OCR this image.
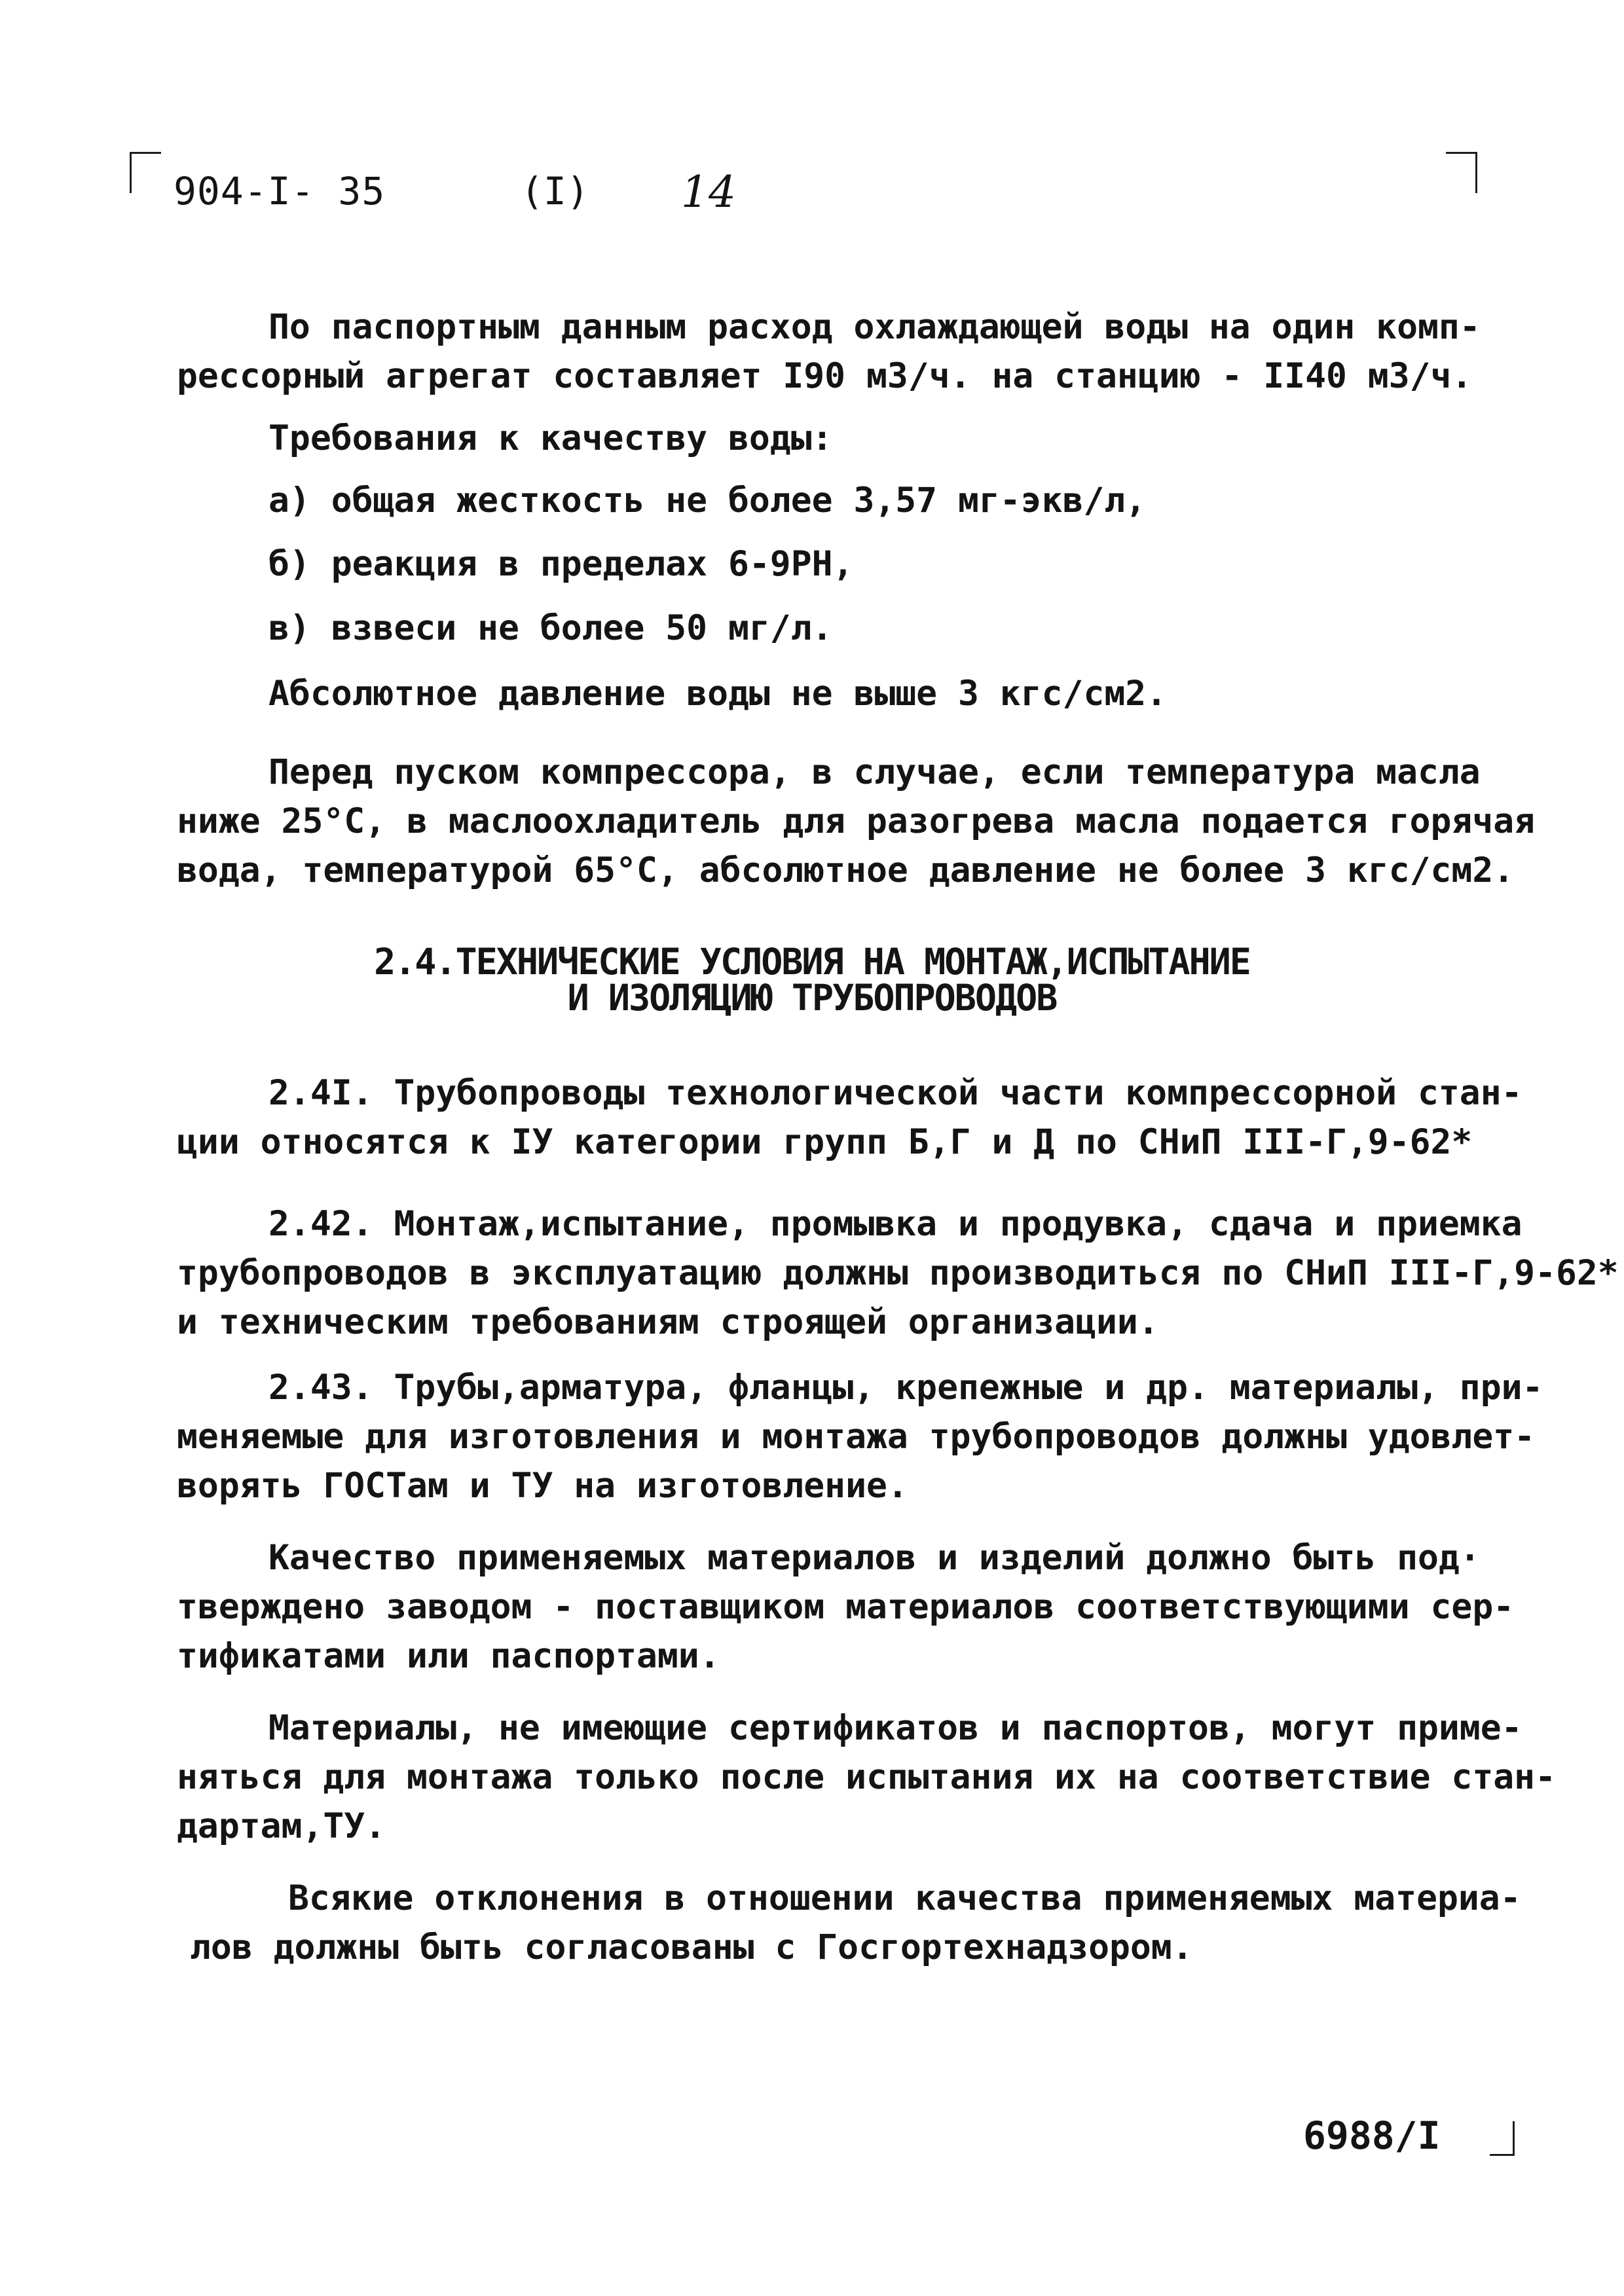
904-I- 35	(I) 14
По паспортным данным расход охлаждающей воды на один комп-
рессорный агрегат составляет I90 м3/ч. на станцию - II40 м3/ч.
Требования к качеству воды:
а) общая жесткость не более 3,57 мг-экв/л,
б) реакция в пределах 6-9РН,
в) взвеси не более 50 мг/л.
Абсолютное давление воды не выше 3 кгс/см2.
Перед пуском компрессора, в случае, если температура масла
ниже 25°С, в маслоохладитель для разогрева масла подается горячая
вода, температурой 65°С, абсолютное давление не более 3 кгс/см2.
2.4.ТЕХНИЧЕСКИЕ УСЛОВИЯ НА МОНТАЖ,ИСПЫТАНИЕ
И ИЗОЛЯЦИЮ ТРУБОПРОВОДОВ
2.4I. Трубопроводы технологической части компрессорной стан-
ции относятся к IУ категории групп Б,Г и Д по СНиП III-Г,9-62*
2.42. Монтаж,испытание, промывка и продувка, сдача и приемка
трубопроводов в эксплуатацию должны производиться по СНиП III-Г,9-62*
и техническим требованиям строящей организации.
2.43. Трубы,арматура, фланцы, крепежные и др. материалы, при-
меняемые для изготовления и монтажа трубопроводов должны удовлет-
ворять ГОСТам и ТУ на изготовление.
Качество применяемых материалов и изделий должно быть под·
тверждено заводом - поставщиком материалов соответствующими сер-
тификатами или паспортами.
Материалы, не имеющие сертификатов и паспортов, могут приме-
няться для монтажа только после испытания их на соответствие стан-
дартам,ТУ.
Всякие отклонения в отношении качества применяемых материа-
лов должны быть согласованы с Госгортехнадзором.
6988/I
